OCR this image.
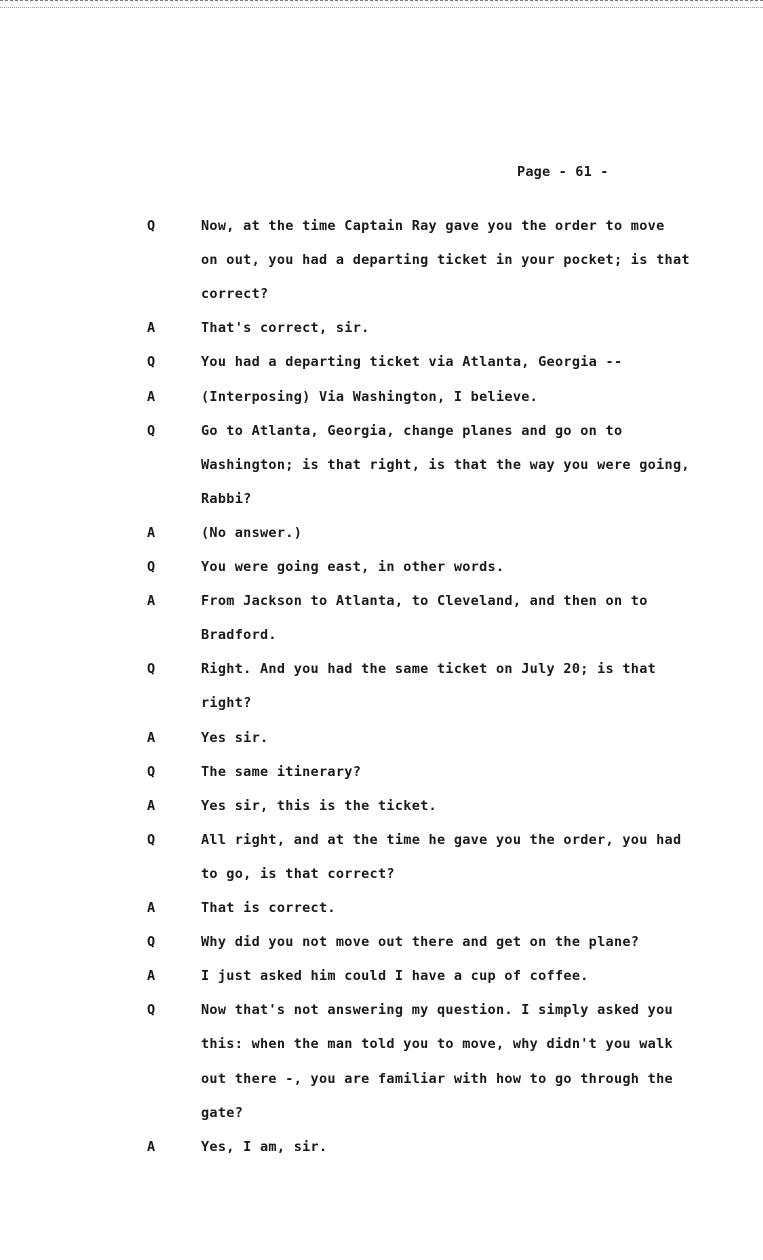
Page - 61 -
Q	Now, at the time Captain Ray gave you the order to move
on out, you had a departing ticket in your pocket; is that
correct?
A	That's correct, sir.
Q	You had a departing ticket via Atlanta, Georgia --
A	(Interposing) Via Washington, I believe.
Q	Go to Atlanta, Georgia, change planes and go on to
Washington; is that right, is that the way you were going,
Rabbi?
A	(No answer.)
Q	You were going east, in other words.
A	From Jackson to Atlanta, to Cleveland, and then on to
Bradford.
Q	Right. And you had the same ticket on July 20; is that
right?
A	Yes sir.
Q	The same itinerary?
A	Yes sir, this is the ticket.
Q	All right, and at the time he gave you the order, you had
to go, is that correct?
A	That is correct.
Q	Why did you not move out there and get on the plane?
A	I just asked him could I have a cup of coffee.
Q	Now that's not answering my question. I simply asked you
this: when the man told you to move, why didn't you walk
out there -, you are familiar with how to go through the
gate?
A	Yes, I am, sir.
